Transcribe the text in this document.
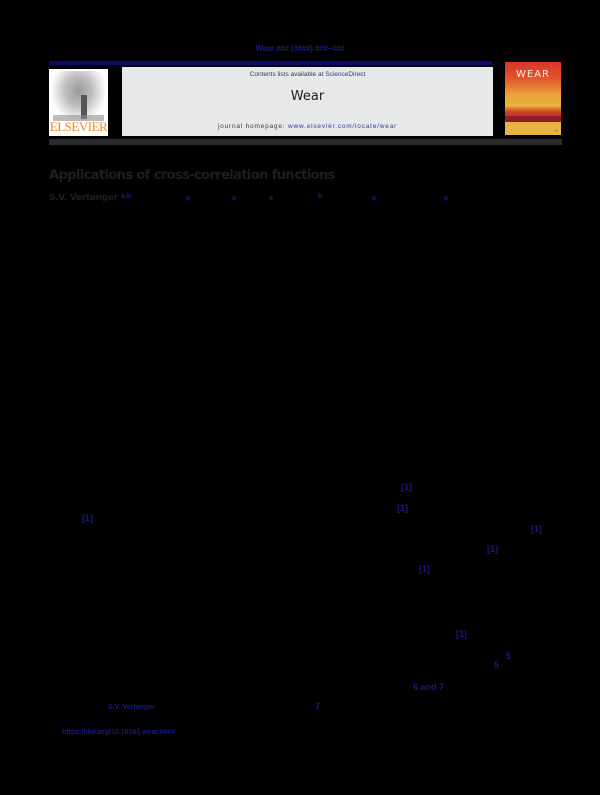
Wear ### (####) ###–###
ELSEVIER
Contents lists available at ScienceDirect
Wear
journal homepage: www.elsevier.com/locate/wear
WEAR
▪▪▪
Applications of cross-correlation functions
S.V. Vertanger a,b	a	a	a	b	a	a
[1]
[1]
[1]
[1]
[1]
[1]
[1]
5
5
6 and 7
7
S.V. Vertanger
https://doi.org/10.1016/j.wear.####
